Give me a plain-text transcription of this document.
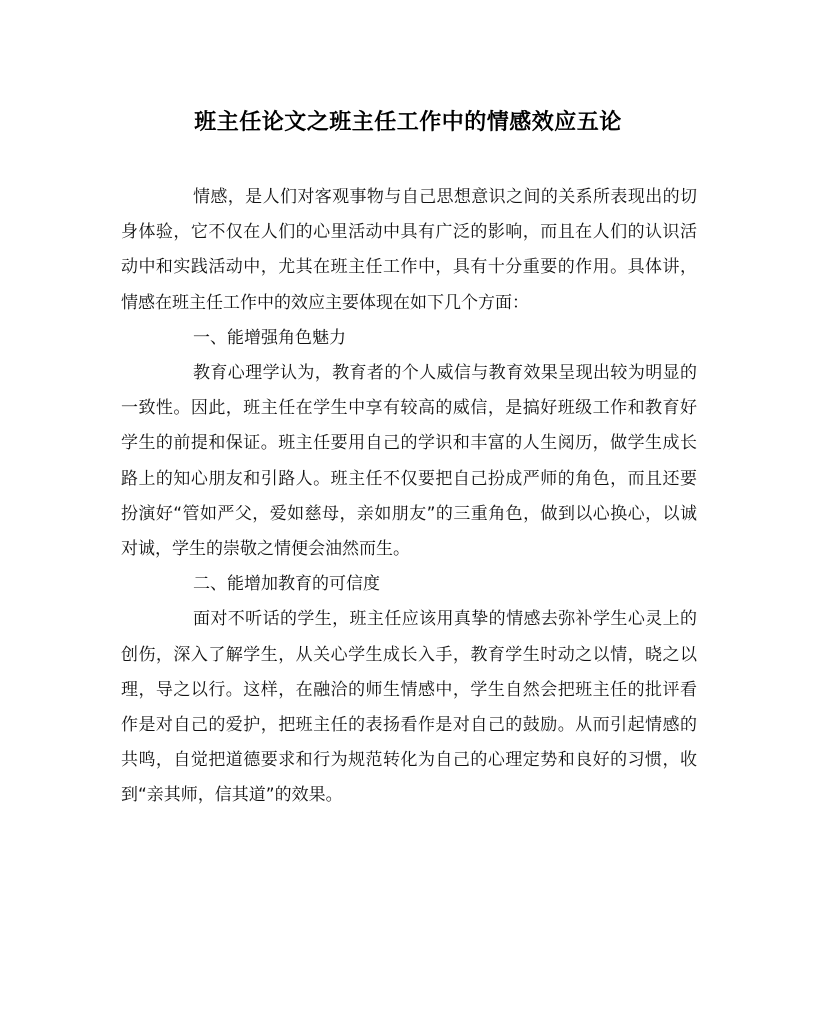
班主任论文之班主任工作中的情感效应五论

情感，是人们对客观事物与自己思想意识之间的关系所表现出的切身体验，它不仅在人们的心里活动中具有广泛的影响，而且在人们的认识活动中和实践活动中，尤其在班主任工作中，具有十分重要的作用。具体讲，情感在班主任工作中的效应主要体现在如下几个方面：

一、能增强角色魅力

教育心理学认为，教育者的个人威信与教育效果呈现出较为明显的一致性。因此，班主任在学生中享有较高的威信，是搞好班级工作和教育好学生的前提和保证。班主任要用自己的学识和丰富的人生阅历，做学生成长路上的知心朋友和引路人。班主任不仅要把自己扮成严师的角色，而且还要扮演好“管如严父，爱如慈母，亲如朋友”的三重角色，做到以心换心，以诚对诚，学生的崇敬之情便会油然而生。

二、能增加教育的可信度

面对不听话的学生，班主任应该用真挚的情感去弥补学生心灵上的创伤，深入了解学生，从关心学生成长入手，教育学生时动之以情，晓之以理，导之以行。这样，在融洽的师生情感中，学生自然会把班主任的批评看作是对自己的爱护，把班主任的表扬看作是对自己的鼓励。从而引起情感的共鸣，自觉把道德要求和行为规范转化为自己的心理定势和良好的习惯，收到“亲其师，信其道”的效果。
